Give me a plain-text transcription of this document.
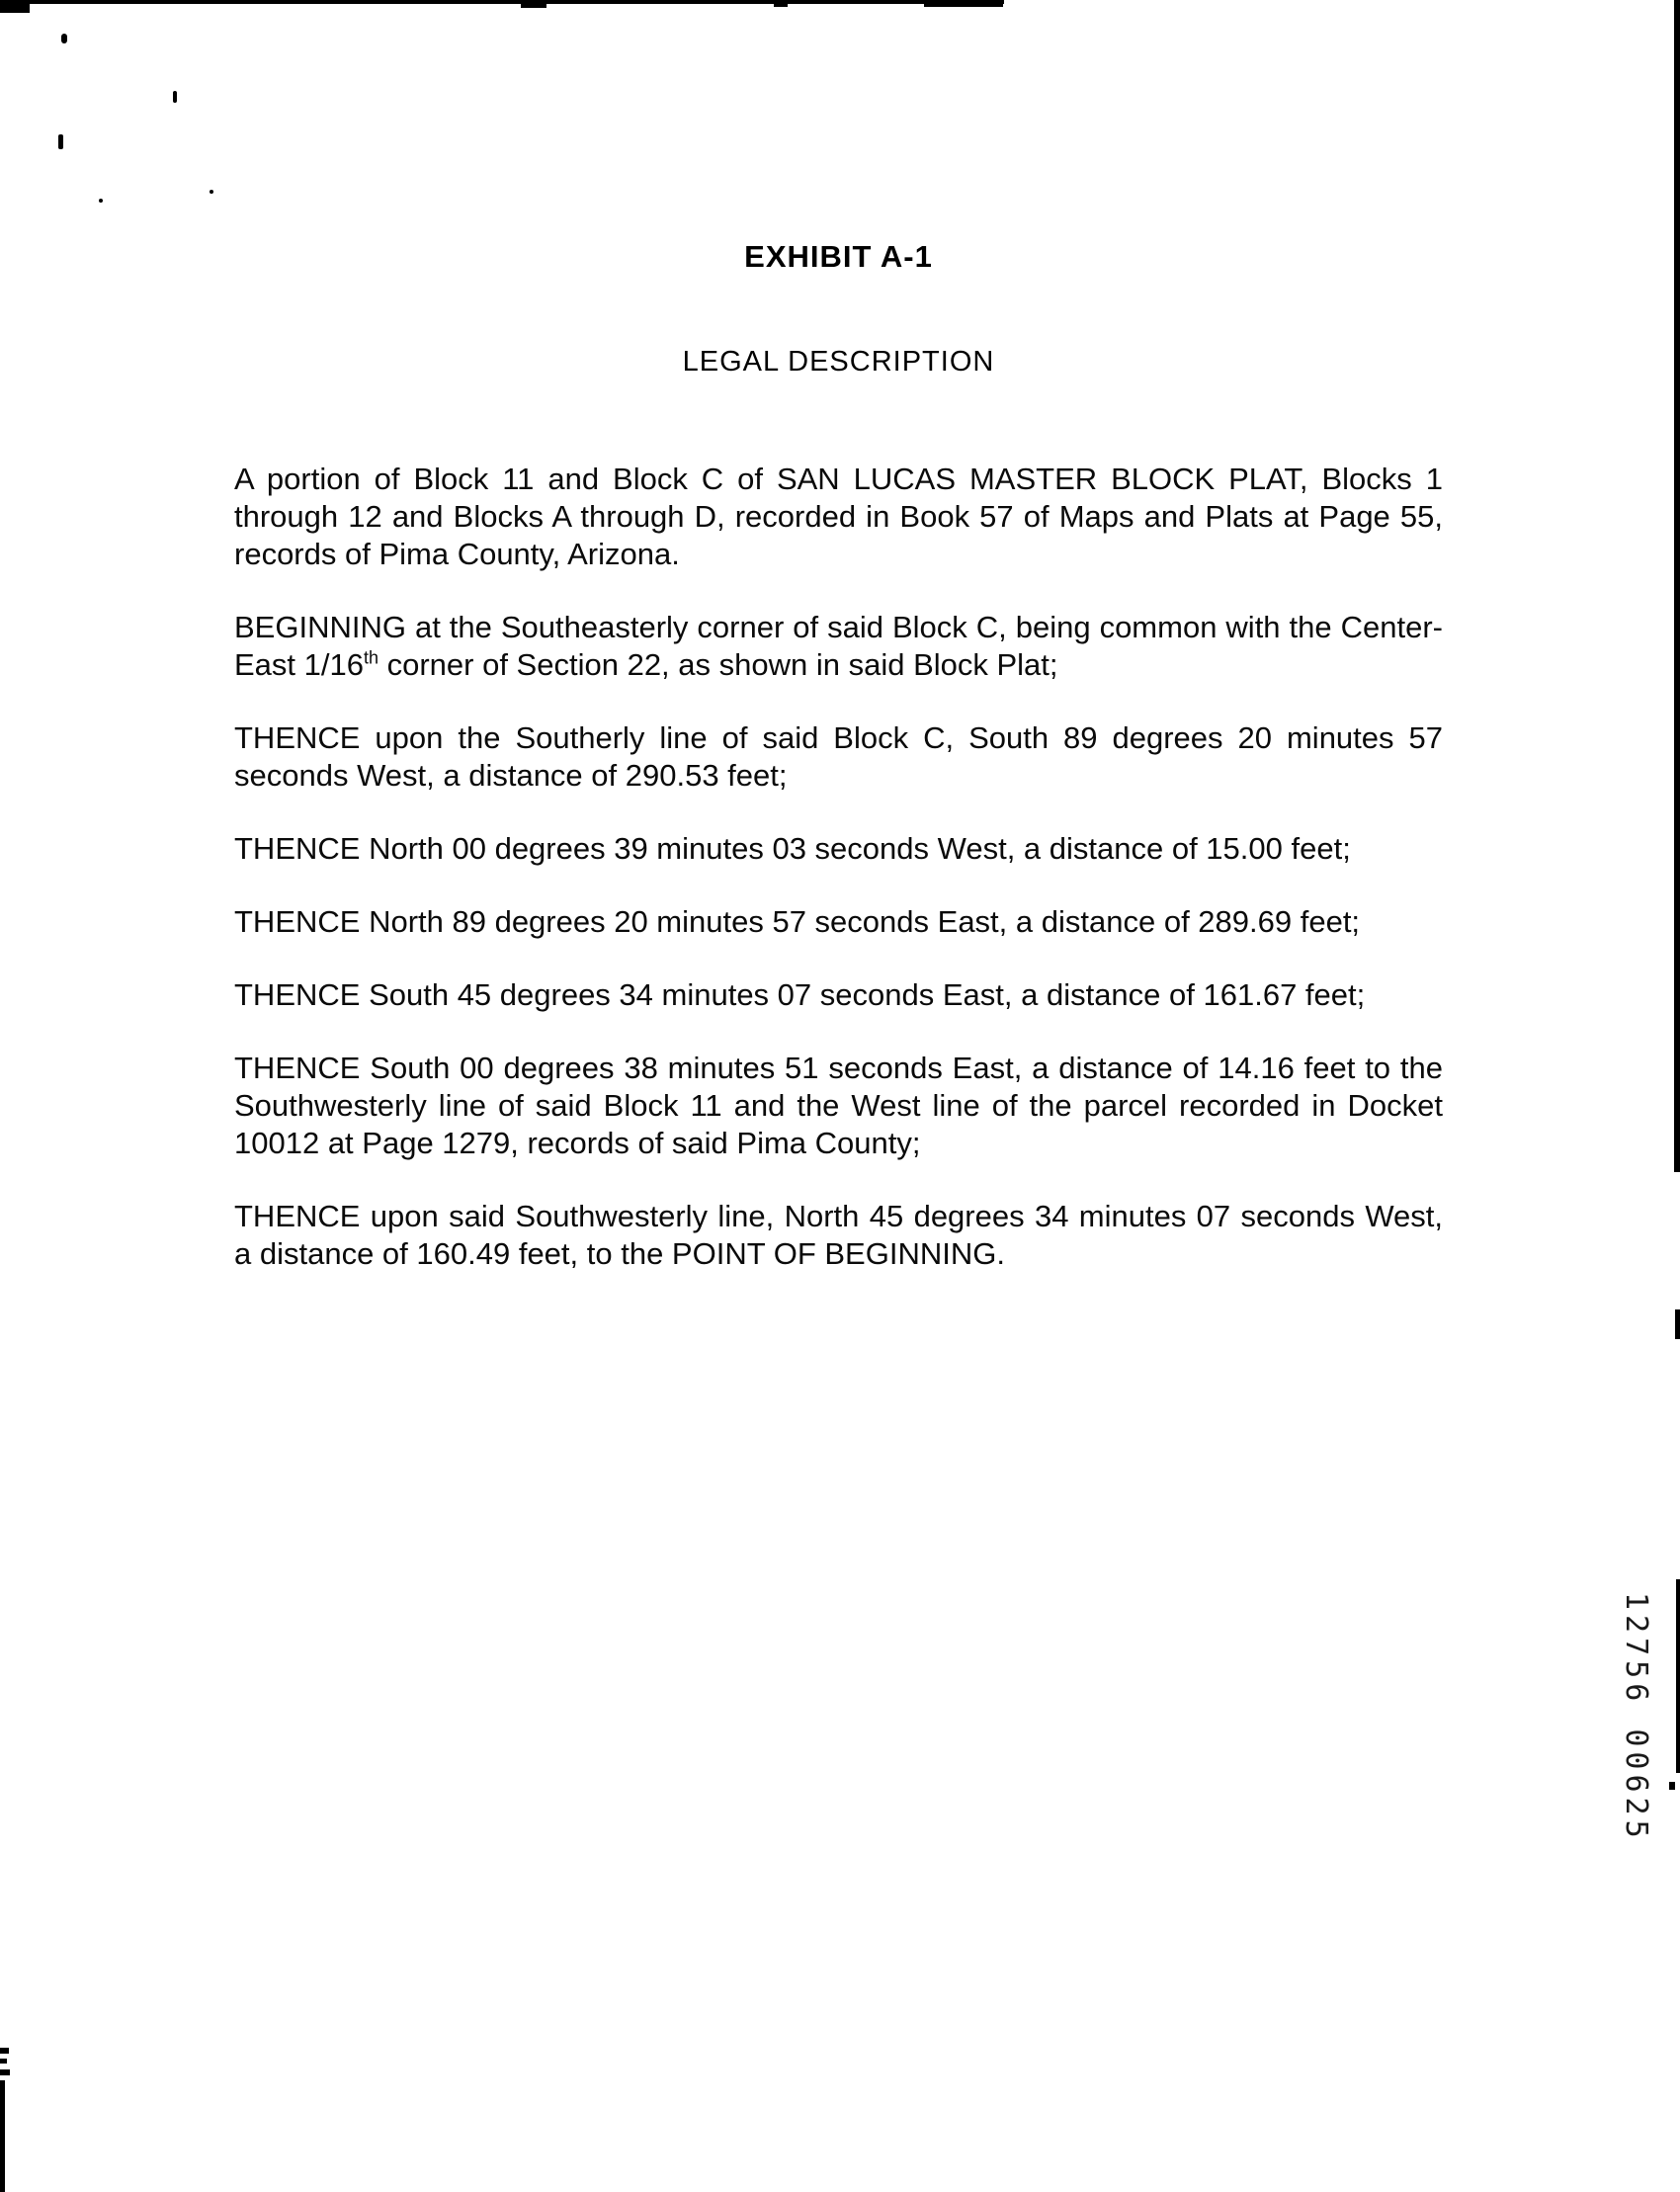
EXHIBIT A-1
LEGAL DESCRIPTION

A portion of Block 11 and Block C of SAN LUCAS MASTER BLOCK PLAT, Blocks 1 through 12 and Blocks A through D, recorded in Book 57 of Maps and Plats at Page 55, records of Pima County, Arizona.

BEGINNING at the Southeasterly corner of said Block C, being common with the Center-East 1/16th corner of Section 22, as shown in said Block Plat;

THENCE upon the Southerly line of said Block C, South 89 degrees 20 minutes 57 seconds West, a distance of 290.53 feet;

THENCE North 00 degrees 39 minutes 03 seconds West, a distance of 15.00 feet;

THENCE North 89 degrees 20 minutes 57 seconds East, a distance of 289.69 feet;

THENCE South 45 degrees 34 minutes 07 seconds East, a distance of 161.67 feet;

THENCE South 00 degrees 38 minutes 51 seconds East, a distance of 14.16 feet to the Southwesterly line of said Block 11 and the West line of the parcel recorded in Docket 10012 at Page 1279, records of said Pima County;

THENCE upon said Southwesterly line, North 45 degrees 34 minutes 07 seconds West, a distance of 160.49 feet, to the POINT OF BEGINNING.

12756 00625
